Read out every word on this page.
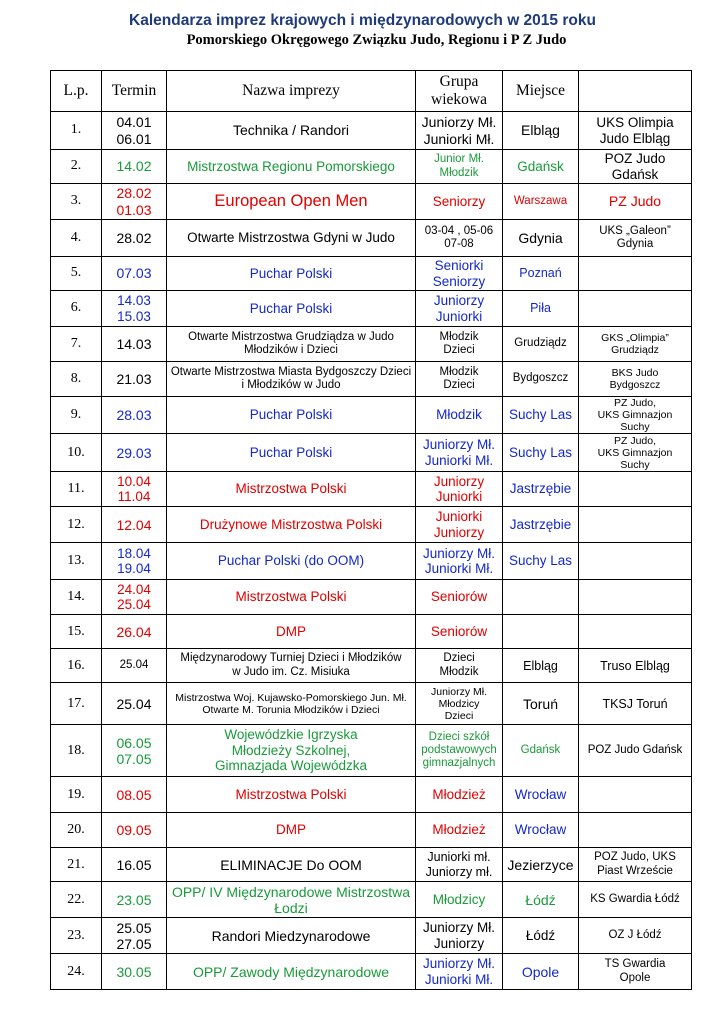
Kalendarza imprez krajowych i międzynarodowych w 2015 roku
Pomorskiego Okręgowego Związku Judo, Regionu i P Z Judo
L.p.	Termin	Nazwa imprezy	Grupa
wiekowa	Miejsce	
1.	04.01
06.01	Technika / Randori	Juniorzy Mł.
Juniorki Mł.	Elbląg	UKS Olimpia
Judo Elbląg
2.	14.02	Mistrzostwa Regionu Pomorskiego	Junior Mł.
Młodzik	Gdańsk	POZ Judo
Gdańsk
3.	28.02
01.03	European Open Men	Seniorzy	Warszawa	PZ Judo
4.	28.02	Otwarte Mistrzostwa Gdyni w Judo	03-04 , 05-06
07-08	Gdynia	UKS „Galeon”
Gdynia
5.	07.03	Puchar Polski	Seniorki
Seniorzy	Poznań	
6.	14.03
15.03	Puchar Polski	Juniorzy
Juniorki	Piła	
7.	14.03	Otwarte Mistrzostwa Grudziądza w Judo
Młodzików i Dzieci	Młodzik
Dzieci	Grudziądz	GKS „Olimpia”
Grudziądz
8.	21.03	Otwarte Mistrzostwa Miasta Bydgoszczy Dzieci
i Młodzików w Judo	Młodzik
Dzieci	Bydgoszcz	BKS Judo
Bydgoszcz
9.	28.03	Puchar Polski	Młodzik	Suchy Las	PZ Judo,
UKS Gimnazjon
Suchy
10.	29.03	Puchar Polski	Juniorzy Mł.
Juniorki Mł.	Suchy Las	PZ Judo,
UKS Gimnazjon
Suchy
11.	10.04
11.04	Mistrzostwa Polski	Juniorzy
Juniorki	Jastrzębie	
12.	12.04	Drużynowe Mistrzostwa Polski	Juniorki
Juniorzy	Jastrzębie	
13.	18.04
19.04	Puchar Polski (do OOM)	Juniorzy Mł.
Juniorki Mł.	Suchy Las	
14.	24.04
25.04	Mistrzostwa Polski	Seniorów		
15.	26.04	DMP	Seniorów		
16.	25.04	Międzynarodowy Turniej Dzieci i Młodzików
w Judo im. Cz. Misiuka	Dzieci
Młodzik	Elbląg	Truso Elbląg
17.	25.04	Mistrzostwa Woj. Kujawsko-Pomorskiego Jun. Mł.
Otwarte M. Torunia Młodzików i Dzieci	Juniorzy Mł.
Młodzicy
Dzieci	Toruń	TKSJ Toruń
18.	06.05
07.05	Wojewódzkie Igrzyska
Młodzieży Szkolnej,
Gimnazjada Wojewódzka	Dzieci szkół
podstawowych
gimnazjalnych	Gdańsk	POZ Judo Gdańsk
19.	08.05	Mistrzostwa Polski	Młodzież	Wrocław	
20.	09.05	DMP	Młodzież	Wrocław	
21.	16.05	ELIMINACJE Do OOM	Juniorki mł.
Juniorzy mł.	Jezierzyce	POZ Judo, UKS
Piast Wrzeście
22.	23.05	OPP/ IV Międzynarodowe Mistrzostwa
Łodzi	Młodzicy	Łódź	KS Gwardia Łódź
23.	25.05
27.05	Randori Miedzynarodowe	Juniorzy Mł.
Juniorzy	Łódź	OZ J Łódź
24.	30.05	OPP/ Zawody Międzynarodowe	Juniorzy Mł.
Juniorki Mł.	Opole	TS Gwardia
Opole
